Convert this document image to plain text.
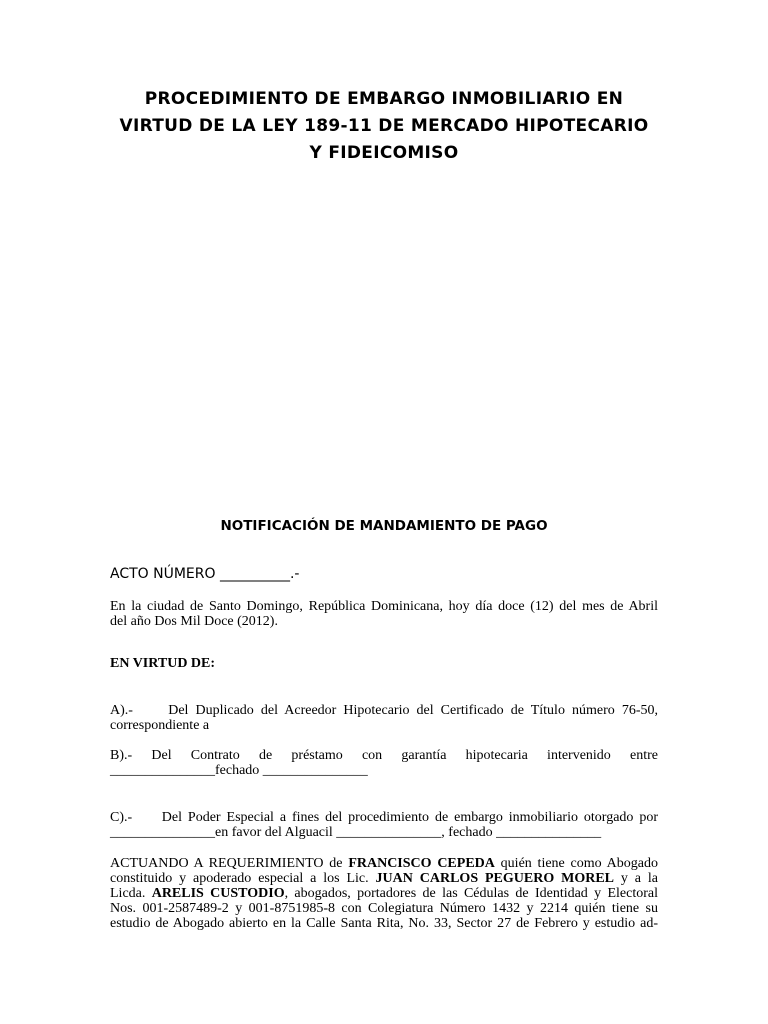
PROCEDIMIENTO DE EMBARGO INMOBILIARIO EN
VIRTUD DE LA LEY 189-11 DE MERCADO HIPOTECARIO
Y FIDEICOMISO
NOTIFICACIÓN DE MANDAMIENTO DE PAGO
ACTO NÚMERO __________.-
En la ciudad de Santo Domingo, República Dominicana, hoy día doce (12) del mes de Abril
del año Dos Mil Doce (2012).
EN VIRTUD DE:
A).-     Del Duplicado del Acreedor Hipotecario del Certificado de Título número 76-50,
correspondiente a
B).-     Del     Contrato     de     préstamo     con     garantía     hipotecaria     intervenido     entre
_______________fechado _______________
C).-     Del Poder Especial a fines del procedimiento de embargo inmobiliario otorgado por
_______________en favor del Alguacil _______________, fechado _______________
ACTUANDO A REQUERIMIENTO de FRANCISCO CEPEDA quién tiene como Abogado
constituido y apoderado especial a los Lic. JUAN CARLOS PEGUERO MOREL y a la
Licda. ARELIS CUSTODIO, abogados, portadores de las Cédulas de Identidad y Electoral
Nos. 001-2587489-2 y 001-8751985-8 con Colegiatura Número 1432 y 2214 quién tiene su
estudio de Abogado abierto en la Calle Santa Rita, No. 33, Sector 27 de Febrero y estudio ad-
